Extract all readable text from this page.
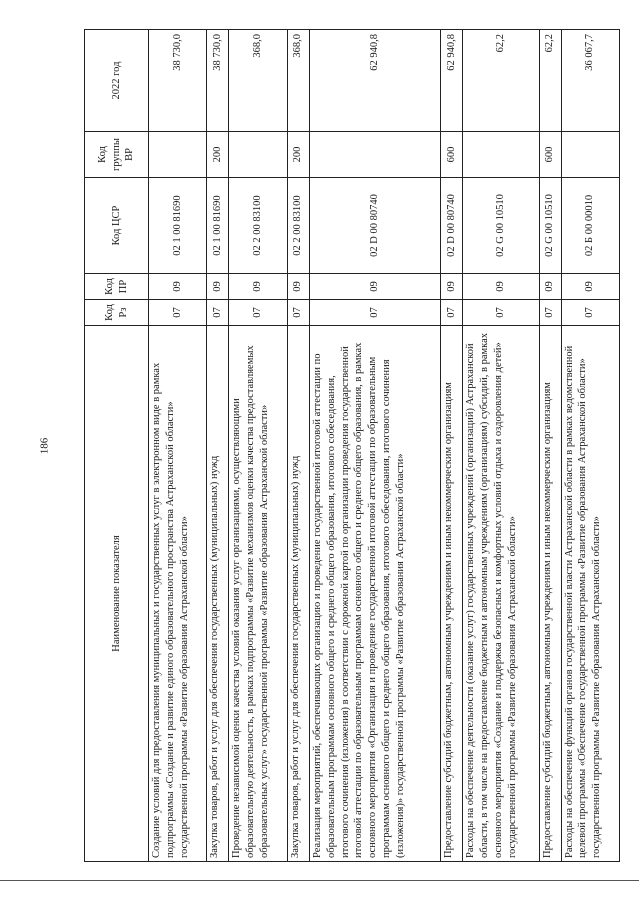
186
Наименование показателя	Код Рз	Код ПР	Код ЦСР	Код группы ВР	2022 год
Создание условий для предоставления муниципальных и государственных услуг в электронном виде в рамках подпрограммы «Создание и развитие единого образовательного пространства Астраханской области» государственной программы «Развитие образования Астраханской области»	07	09	02 1 00 81690		38 730,0
Закупка товаров, работ и услуг для обеспечения государственных (муниципальных) нужд	07	09	02 1 00 81690	200	38 730,0
Проведение независимой оценки качества условий оказания услуг организациями, осуществляющими образовательную деятельность, в рамках подпрограммы «Развитие механизмов оценки качества предоставляемых образовательных услуг» государственной программы «Развитие образования Астраханской области»	07	09	02 2 00 83100		368,0
Закупка товаров, работ и услуг для обеспечения государственных (муниципальных) нужд	07	09	02 2 00 83100	200	368,0
Реализация мероприятий, обеспечивающих организацию и проведение государственной итоговой аттестации по образовательным программам основного общего и среднего общего образования, итогового собеседования, итогового сочинения (изложения) в соответствии с дорожной картой по организации проведения государственной итоговой аттестации по образовательным программам основного общего и среднего общего образования, в рамках основного мероприятия «Организация и проведение государственной итоговой аттестации по образовательным программам основного общего и среднего общего образования, итогового собеседования, итогового сочинения (изложения)» государственной программы «Развитие образования Астраханской области»	07	09	02 D 00 80740		62 940,8
Предоставление субсидий бюджетным, автономным учреждениям и иным некоммерческим организациям	07	09	02 D 00 80740	600	62 940,8
Расходы на обеспечение деятельности (оказание услуг) государственных учреждений (организаций) Астраханской области, в том числе на предоставление бюджетным и автономным учреждениям (организациям) субсидий, в рамках основного мероприятия «Создание и поддержка безопасных и комфортных условий отдыха и оздоровления детей» государственной программы «Развитие образования Астраханской области»	07	09	02 G 00 10510		62,2
Предоставление субсидий бюджетным, автономным учреждениям и иным некоммерческим организациям	07	09	02 G 00 10510	600	62,2
Расходы на обеспечение функций органов государственной власти Астраханской области в рамках ведомственной целевой программы «Обеспечение государственной программы «Развитие образования Астраханской области» государственной программы «Развитие образования Астраханской области»	07	09	02 Б 00 00010		36 067,7
